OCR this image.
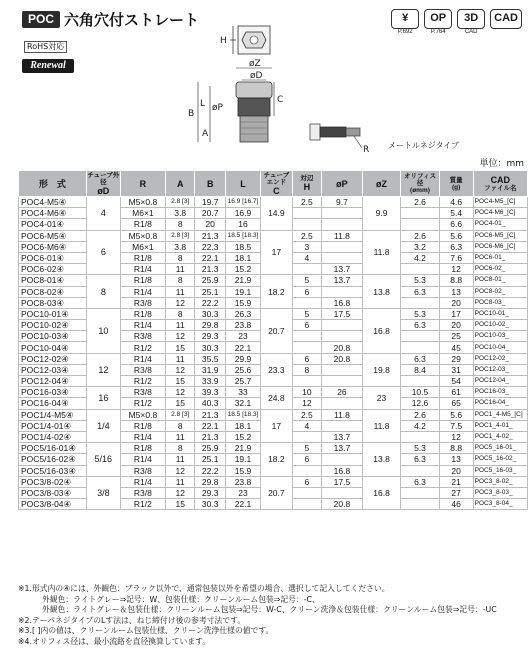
POC 六角穴付ストレート
RoHS対応
Renewal
¥
P.692
OP
P.764
3D
CAD
CAD
H
øZ
øD
øP
B
L
A
C
R メートルネジタイプ
単位：mm
形　式	チューブ外径
øD	R	A	B	L	チューブエンド
C	対辺
H	øP	øZ	オリフィス径
(ømm)	質量
(g)	CAD
ファイル名

POC4-M5④	4	M5×0.8	2.8 [3]	19.7	16.9 [16.7]	14.9	2.5	9.7	9.9	2.6	4.6	POC4-M5_[C]
POC4-M6④		M6×1	3.8	20.7	16.9						5.4	POC4-M6_[C]
POC4-01④		R1/8	8	20	16						6.6	POC4-01_
POC6-M5④	6	M5×0.8	2.8 [3]	21.3	18.5 [18.3]	17	2.5	11.8	11.8	2.6	5.6	POC6-M5_[C]
POC6-M6④		M6×1	3.8	22.3	18.5		3			3.2	6.3	POC6-M6_[C]
POC6-01④		R1/8	8	22.1	18.1		4			4.2	7.6	POC6-01_
POC6-02④		R1/4	11	21.3	15.2			13.7			12	POC6-02_
POC8-01④	8	R1/8	8	25.9	21.9	18.2	5	13.7	13.8	5.3	8.8	POC8-01_
POC8-02④		R1/4	11	25.1	19.1		6			6.3	13	POC8-02_
POC8-03④		R3/8	12	22.2	15.9			16.8			20	POC8-03_
POC10-01④	10	R1/8	8	30.3	26.3	20.7	5	17.5	16.8	5.3	17	POC10-01_
POC10-02④		R1/4	11	29.8	23.8		6			6.3	20	POC10-02_
POC10-03④		R3/8	12	29.3	23						25	POC10-03_
POC10-04④		R1/2	15	30.3	22.1			20.8			45	POC10-04_
POC12-02④	12	R1/4	11	35.5	29.9	23.3	6	20.8	19.8	6.3	29	POC12-02_
POC12-03④		R3/8	12	31.9	25.6		8			8.4	31	POC12-03_
POC12-04④		R1/2	15	33.9	25.7						54	POC12-04_
POC16-03④	16	R3/8	12	39.3	33	24.8	10	26	23	10.5	61	POC16-03_
POC16-04④		R1/2	15	40.3	32.1		12			12.6	65	POC16-04_
POC1/4-M5④	1/4	M5×0.8	2.8 [3]	21.3	18.5 [18.3]	17	2.5	11.8	11.8	2.6	5.6	POC1_4-M5_[C]
POC1/4-01④		R1/8	8	22.1	18.1		4			4.2	7.5	POC1_4-01_
POC1/4-02④		R1/4	11	21.3	15.2			13.7			12	POC1_4-02_
POC5/16-01④	5/16	R1/8	8	25.9	21.9	18.2	5	13.7	13.8	5.3	8.8	POC5_16-01_
POC5/16-02④		R1/4	11	25.1	19.1		6			6.3	13	POC5_16-02_
POC5/16-03④		R3/8	12	22.2	15.9			16.8			20	POC5_16-03_
POC3/8-02④	3/8	R1/4	11	29.8	23.8	20.7	6	17.5	16.8	6.3	21	POC3_8-02_
POC3/8-03④		R3/8	12	29.3	23						27	POC3_8-03_
POC3/8-04④		R1/2	15	30.3	22.1			20.8			46	POC3_8-04_
※1.形式内の④には、外観色：ブラック以外で、通常包装以外を希望の場合、選択して記入してください。
外観色：ライトグレー⇒記号：W、包装仕様：クリーンルーム包装⇒記号：-C、
外観色：ライトグレー＆包装仕様：クリーンルーム包装⇒記号：W-C、クリーン洗浄＆包装仕様：クリーンルーム包装⇒記号：-UC
※2.テーパネジタイプのLす法は、ねじ締付け後の参考寸法です。
※3.[ ]内の値は、クリーンルーム包装仕様、クリーン洗浄仕様の値です。
※4.オリフィス径は、最小流路を直径換算しています。
